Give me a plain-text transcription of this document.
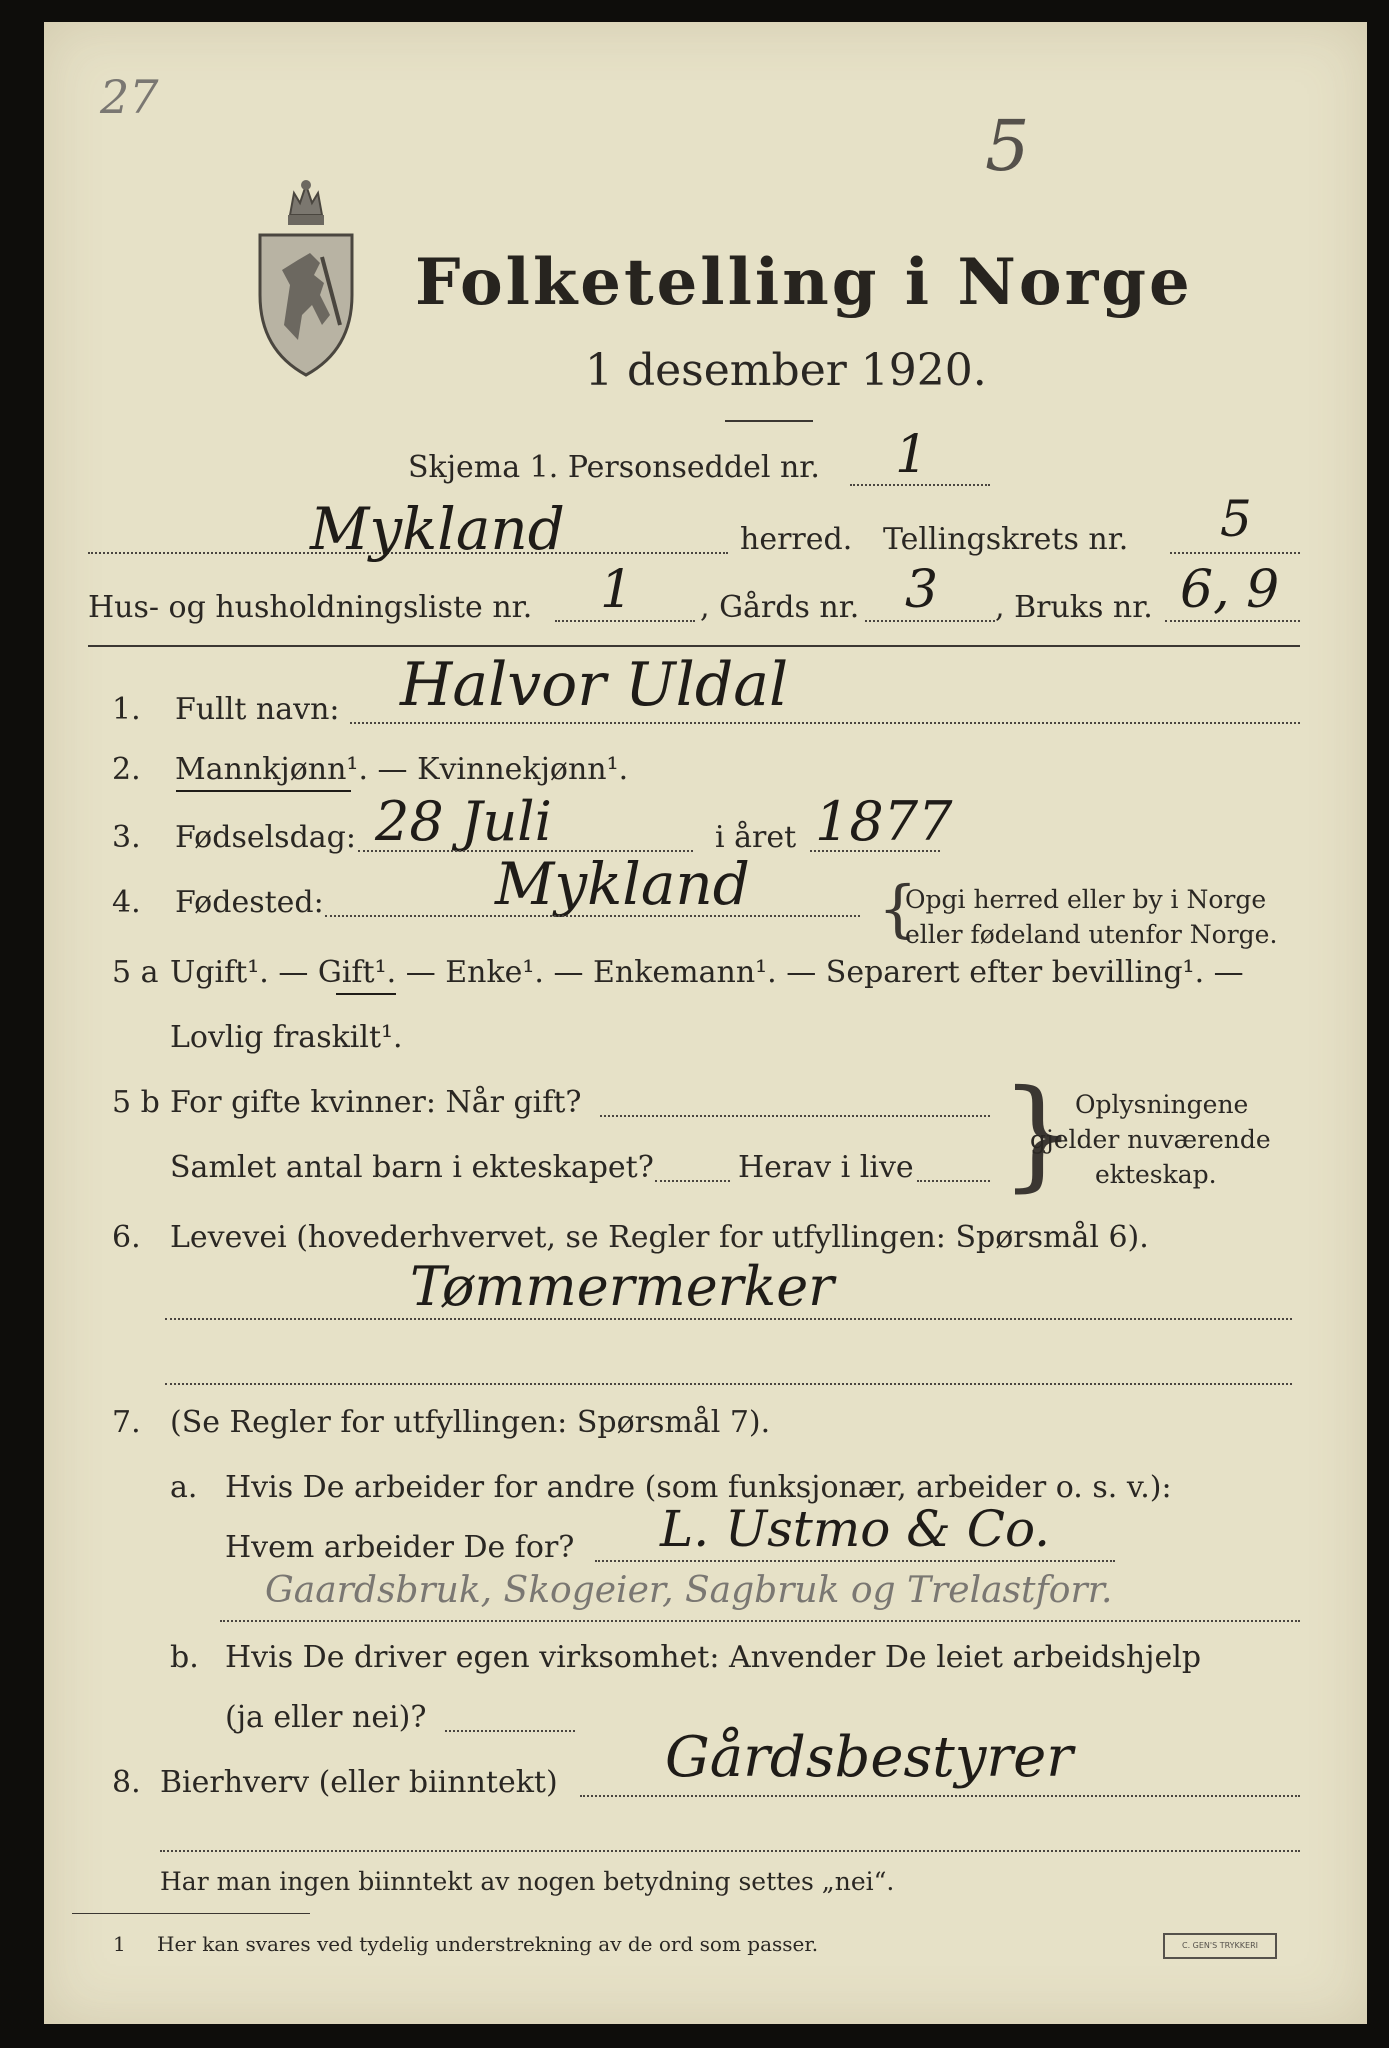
27
5
Folketelling i Norge
1 desember 1920.
Skjema 1. Personseddel nr. 1
Mykland	herred. Tellingskrets nr. 5
Hus- og husholdningsliste nr. 1 , Gårds nr. 3 , Bruks nr. 6, 9
1. Fullt navn: Halvor Uldal
2. Mannkjønn¹. — Kvinnekjønn¹.
3. Fødselsdag: 28 Juli	i året 1877
4. Fødested:	Mykland {
Opgi herred eller by i Norge
eller fødeland utenfor Norge.
5 a Ugift¹. — Gift¹. — Enke¹. — Enkemann¹. — Separert efter bevilling¹. —
Lovlig fraskilt¹.
5 b For gifte kvinner: Når gift?
Samlet antal barn i ekteskapet?	Herav i live }
Oplysningene
gjelder nuværende
ekteskap.
6. Levevei (hovederhvervet, se Regler for utfyllingen: Spørsmål 6).
Tømmermerker
7. (Se Regler for utfyllingen: Spørsmål 7).
a. Hvis De arbeider for andre (som funksjonær, arbeider o. s. v.):
Hvem arbeider De for? L. Ustmo & Co.
Gaardsbruk, Skogeier, Sagbruk og Trelastforr.
b. Hvis De driver egen virksomhet: Anvender De leiet arbeidshjelp
(ja eller nei)?
8. Bierhverv (eller biinntekt) Gårdsbestyrer
Har man ingen biinntekt av nogen betydning settes „nei“.
1 Her kan svares ved tydelig understrekning av de ord som passer.	C. GEN'S TRYKKERI
